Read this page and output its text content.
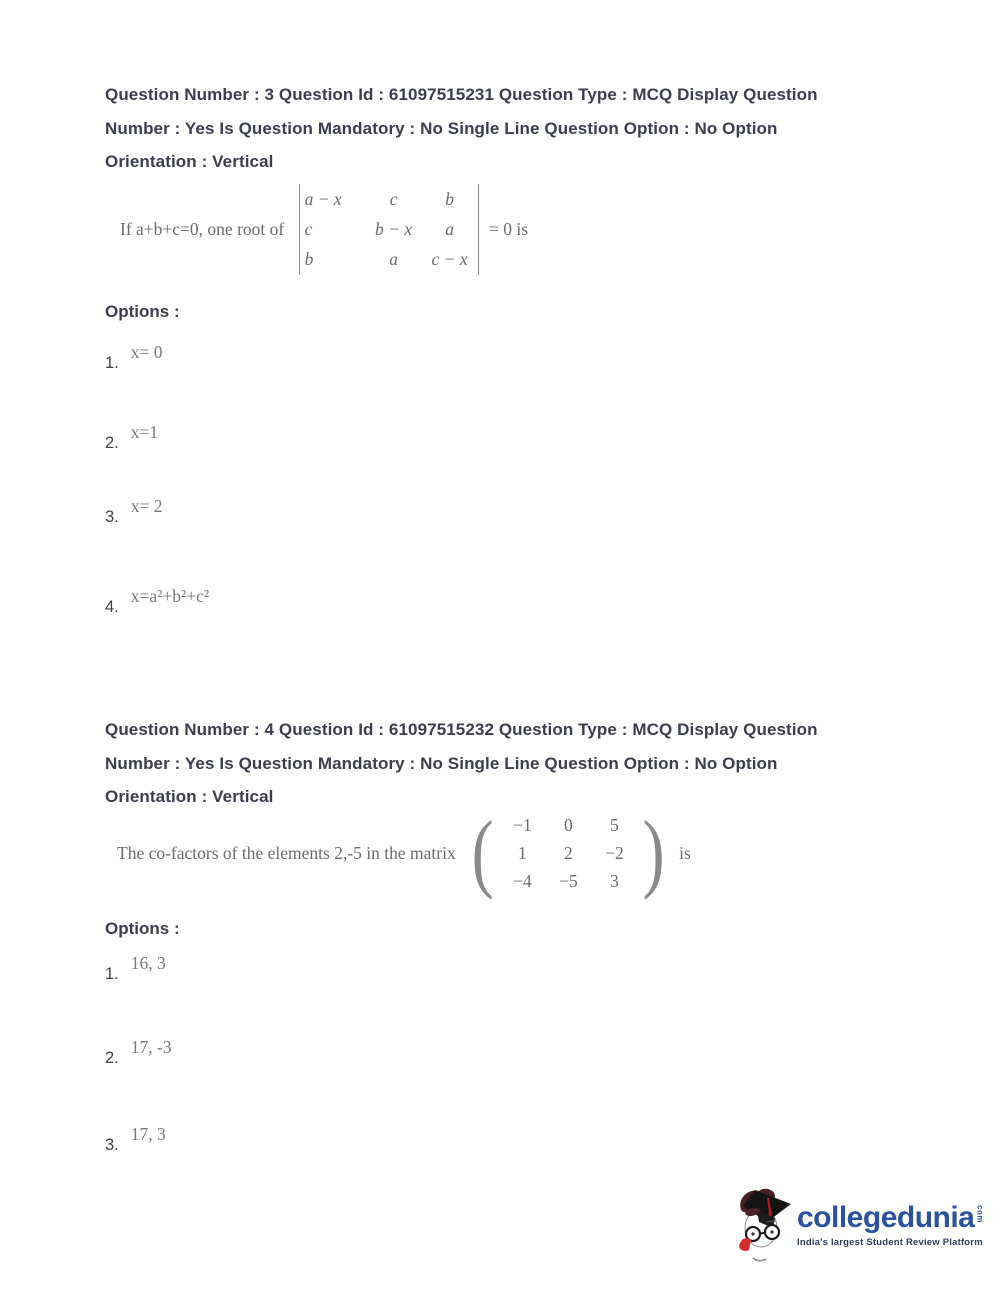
Question Number : 3 Question Id : 61097515231 Question Type : MCQ Display Question
Number : Yes Is Question Mandatory : No Single Line Question Option : No Option
Orientation : Vertical
If a+b+c=0, one root of
a − x	c	b
c	b − x	a
b	a	c − x
= 0 is
Options :
1.
x= 0
2.
x=1
3.
x= 2
4.
x=a²+b²+c²
Question Number : 4 Question Id : 61097515232 Question Type : MCQ Display Question
Number : Yes Is Question Mandatory : No Single Line Question Option : No Option
Orientation : Vertical
The co-factors of the elements 2,-5 in the matrix (	−1	0	5
1	2	−2
−4	−5	3 ) is
Options :
1.
16, 3
2.
17, -3
3.
17, 3
collegedunia com
India's largest Student Review Platform
